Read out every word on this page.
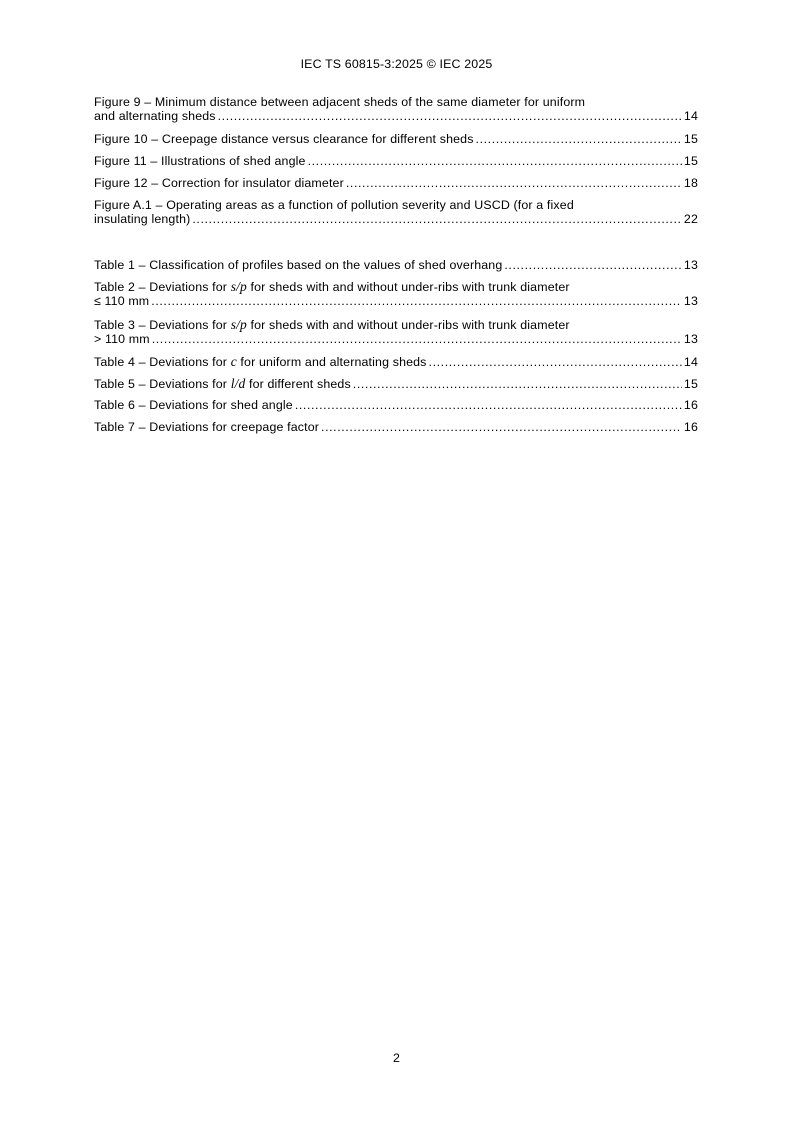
IEC TS 60815-3:2025 © IEC 2025
Figure 9 – Minimum distance between adjacent sheds of the same diameter for uniform
and alternating sheds .....	14
Figure 10 – Creepage distance versus clearance for different sheds .....	15
Figure 11 – Illustrations of shed angle .....	15
Figure 12 – Correction for insulator diameter .....	18
Figure A.1 – Operating areas as a function of pollution severity and USCD (for a fixed
insulating length) .....	22
Table 1 – Classification of profiles based on the values of shed overhang .....	13
Table 2 – Deviations for s/p for sheds with and without under-ribs with trunk diameter
≤ 110 mm .....	13
Table 3 – Deviations for s/p for sheds with and without under-ribs with trunk diameter
> 110 mm .....	13
Table 4 – Deviations for c for uniform and alternating sheds .....	14
Table 5 – Deviations for l/d for different sheds .....	15
Table 6 – Deviations for shed angle .....	16
Table 7 – Deviations for creepage factor .....	16
2
